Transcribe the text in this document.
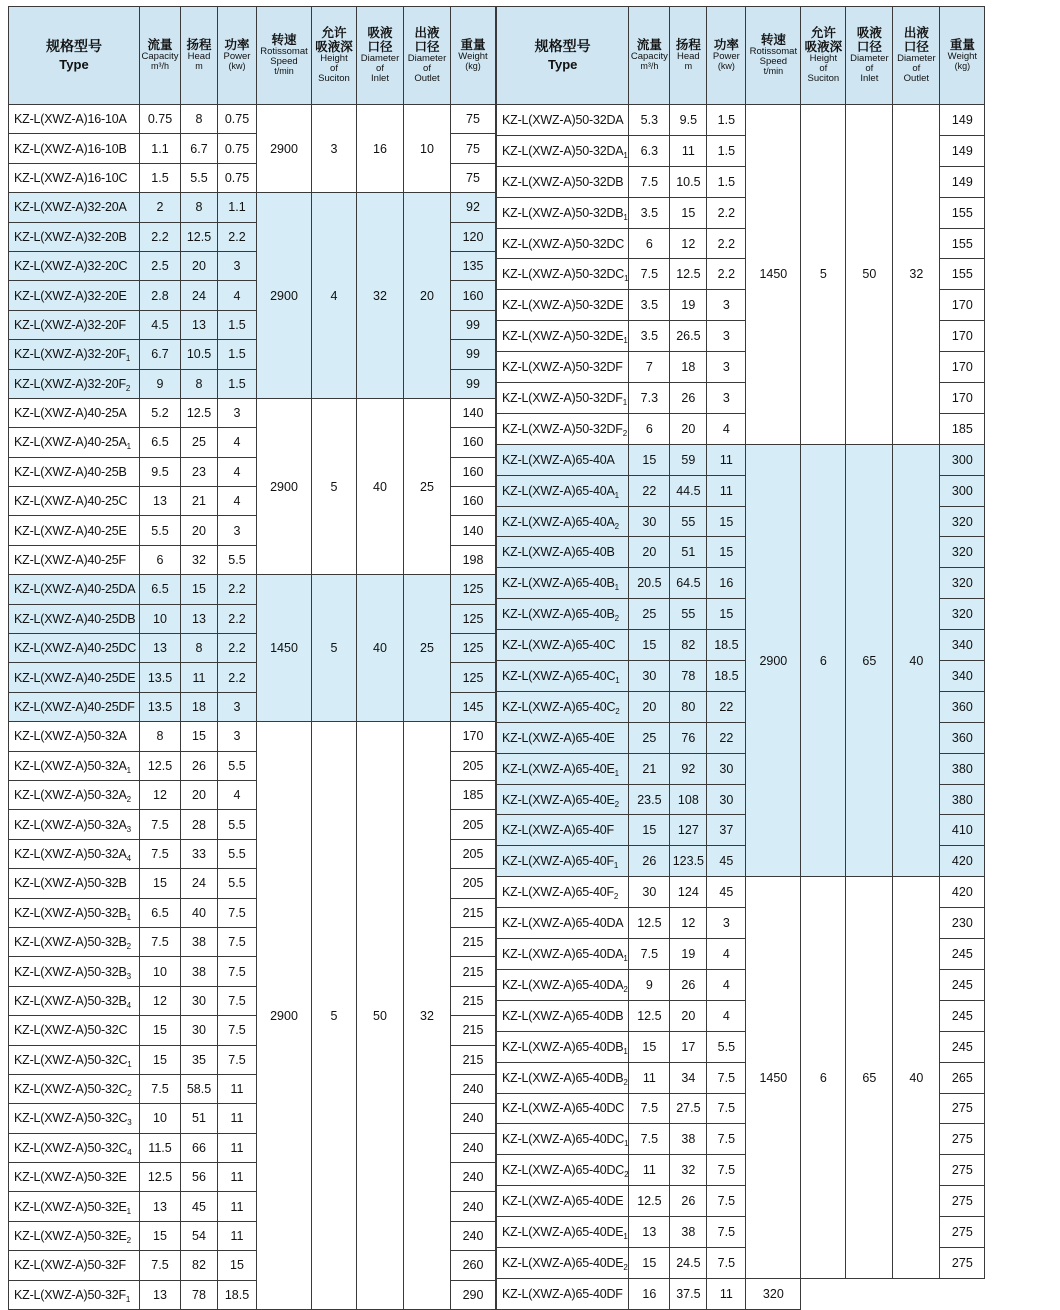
规格型号
Type	流量
Capacity
m³/h	扬程
Head
m	功率
Power
(kw)	转速
Rotissomat
Speed
t/min	允许
吸液深
Height
of
Suciton	吸液
口径
Diameter
of
Inlet	出液
口径
Diameter
of
Outlet	重量
Weight
(kg)

KZ-L(XWZ-A)16-10A	0.75	8	0.75	2900	3	16	10	75
KZ-L(XWZ-A)16-10B	1.1	6.7	0.75					75
KZ-L(XWZ-A)16-10C	1.5	5.5	0.75					75
KZ-L(XWZ-A)32-20A	2	8	1.1	2900	4	32	20	92
KZ-L(XWZ-A)32-20B	2.2	12.5	2.2					120
KZ-L(XWZ-A)32-20C	2.5	20	3					135
KZ-L(XWZ-A)32-20E	2.8	24	4					160
KZ-L(XWZ-A)32-20F	4.5	13	1.5					99
$KZ-L(XWZ-A)32-20F_1$	6.7	10.5	1.5					99
$KZ-L(XWZ-A)32-20F_2$	9	8	1.5					99
KZ-L(XWZ-A)40-25A	5.2	12.5	3	2900	5	40	25	140
$KZ-L(XWZ-A)40-25A_1$	6.5	25	4					160
KZ-L(XWZ-A)40-25B	9.5	23	4					160
KZ-L(XWZ-A)40-25C	13	21	4					160
KZ-L(XWZ-A)40-25E	5.5	20	3					140
KZ-L(XWZ-A)40-25F	6	32	5.5					198
KZ-L(XWZ-A)40-25DA	6.5	15	2.2	1450	5	40	25	125
KZ-L(XWZ-A)40-25DB	10	13	2.2					125
KZ-L(XWZ-A)40-25DC	13	8	2.2					125
KZ-L(XWZ-A)40-25DE	13.5	11	2.2					125
KZ-L(XWZ-A)40-25DF	13.5	18	3					145
KZ-L(XWZ-A)50-32A	8	15	3	2900	5	50	32	170
$KZ-L(XWZ-A)50-32A_1$	12.5	26	5.5					205
$KZ-L(XWZ-A)50-32A_2$	12	20	4					185
$KZ-L(XWZ-A)50-32A_3$	7.5	28	5.5					205
$KZ-L(XWZ-A)50-32A_4$	7.5	33	5.5					205
KZ-L(XWZ-A)50-32B	15	24	5.5					205
$KZ-L(XWZ-A)50-32B_1$	6.5	40	7.5					215
$KZ-L(XWZ-A)50-32B_2$	7.5	38	7.5					215
$KZ-L(XWZ-A)50-32B_3$	10	38	7.5					215
$KZ-L(XWZ-A)50-32B_4$	12	30	7.5					215
KZ-L(XWZ-A)50-32C	15	30	7.5					215
$KZ-L(XWZ-A)50-32C_1$	15	35	7.5					215
$KZ-L(XWZ-A)50-32C_2$	7.5	58.5	11					240
$KZ-L(XWZ-A)50-32C_3$	10	51	11					240
$KZ-L(XWZ-A)50-32C_4$	11.5	66	11					240
KZ-L(XWZ-A)50-32E	12.5	56	11					240
$KZ-L(XWZ-A)50-32E_1$	13	45	11					240
$KZ-L(XWZ-A)50-32E_2$	15	54	11					240
KZ-L(XWZ-A)50-32F	7.5	82	15					260
$KZ-L(XWZ-A)50-32F_1$	13	78	18.5					290
规格型号
Type	流量
Capacity
m³/h	扬程
Head
m	功率
Power
(kw)	转速
Rotissomat
Speed
t/min	允许
吸液深
Height
of
Suciton	吸液
口径
Diameter
of
Inlet	出液
口径
Diameter
of
Outlet	重量
Weight
(kg)

KZ-L(XWZ-A)50-32DA	5.3	9.5	1.5	1450	5	50	32	149
$KZ-L(XWZ-A)50-32DA_1$	6.3	11	1.5					149
KZ-L(XWZ-A)50-32DB	7.5	10.5	1.5					149
$KZ-L(XWZ-A)50-32DB_1$	3.5	15	2.2					155
KZ-L(XWZ-A)50-32DC	6	12	2.2					155
$KZ-L(XWZ-A)50-32DC_1$	7.5	12.5	2.2					155
KZ-L(XWZ-A)50-32DE	3.5	19	3					170
$KZ-L(XWZ-A)50-32DE_1$	3.5	26.5	3					170
KZ-L(XWZ-A)50-32DF	7	18	3					170
$KZ-L(XWZ-A)50-32DF_1$	7.3	26	3					170
$KZ-L(XWZ-A)50-32DF_2$	6	20	4					185
KZ-L(XWZ-A)65-40A	15	59	11	2900	6	65	40	300
$KZ-L(XWZ-A)65-40A_1$	22	44.5	11					300
$KZ-L(XWZ-A)65-40A_2$	30	55	15					320
KZ-L(XWZ-A)65-40B	20	51	15					320
$KZ-L(XWZ-A)65-40B_1$	20.5	64.5	16					320
$KZ-L(XWZ-A)65-40B_2$	25	55	15					320
KZ-L(XWZ-A)65-40C	15	82	18.5					340
$KZ-L(XWZ-A)65-40C_1$	30	78	18.5					340
$KZ-L(XWZ-A)65-40C_2$	20	80	22					360
KZ-L(XWZ-A)65-40E	25	76	22					360
$KZ-L(XWZ-A)65-40E_1$	21	92	30					380
$KZ-L(XWZ-A)65-40E_2$	23.5	108	30					380
KZ-L(XWZ-A)65-40F	15	127	37					410
$KZ-L(XWZ-A)65-40F_1$	26	123.5	45					420
$KZ-L(XWZ-A)65-40F_2$	30	124	45	1450	6	65	40	420
KZ-L(XWZ-A)65-40DA	12.5	12	3					230
$KZ-L(XWZ-A)65-40DA_1$	7.5	19	4					245
$KZ-L(XWZ-A)65-40DA_2$	9	26	4					245
KZ-L(XWZ-A)65-40DB	12.5	20	4					245
$KZ-L(XWZ-A)65-40DB_1$	15	17	5.5					245
$KZ-L(XWZ-A)65-40DB_2$	11	34	7.5					265
KZ-L(XWZ-A)65-40DC	7.5	27.5	7.5					275
$KZ-L(XWZ-A)65-40DC_1$	7.5	38	7.5					275
$KZ-L(XWZ-A)65-40DC_2$	11	32	7.5					275
KZ-L(XWZ-A)65-40DE	12.5	26	7.5					275
$KZ-L(XWZ-A)65-40DE_1$	13	38	7.5					275
$KZ-L(XWZ-A)65-40DE_2$	15	24.5	7.5					275
KZ-L(XWZ-A)65-40DF	16	37.5	11	320				
